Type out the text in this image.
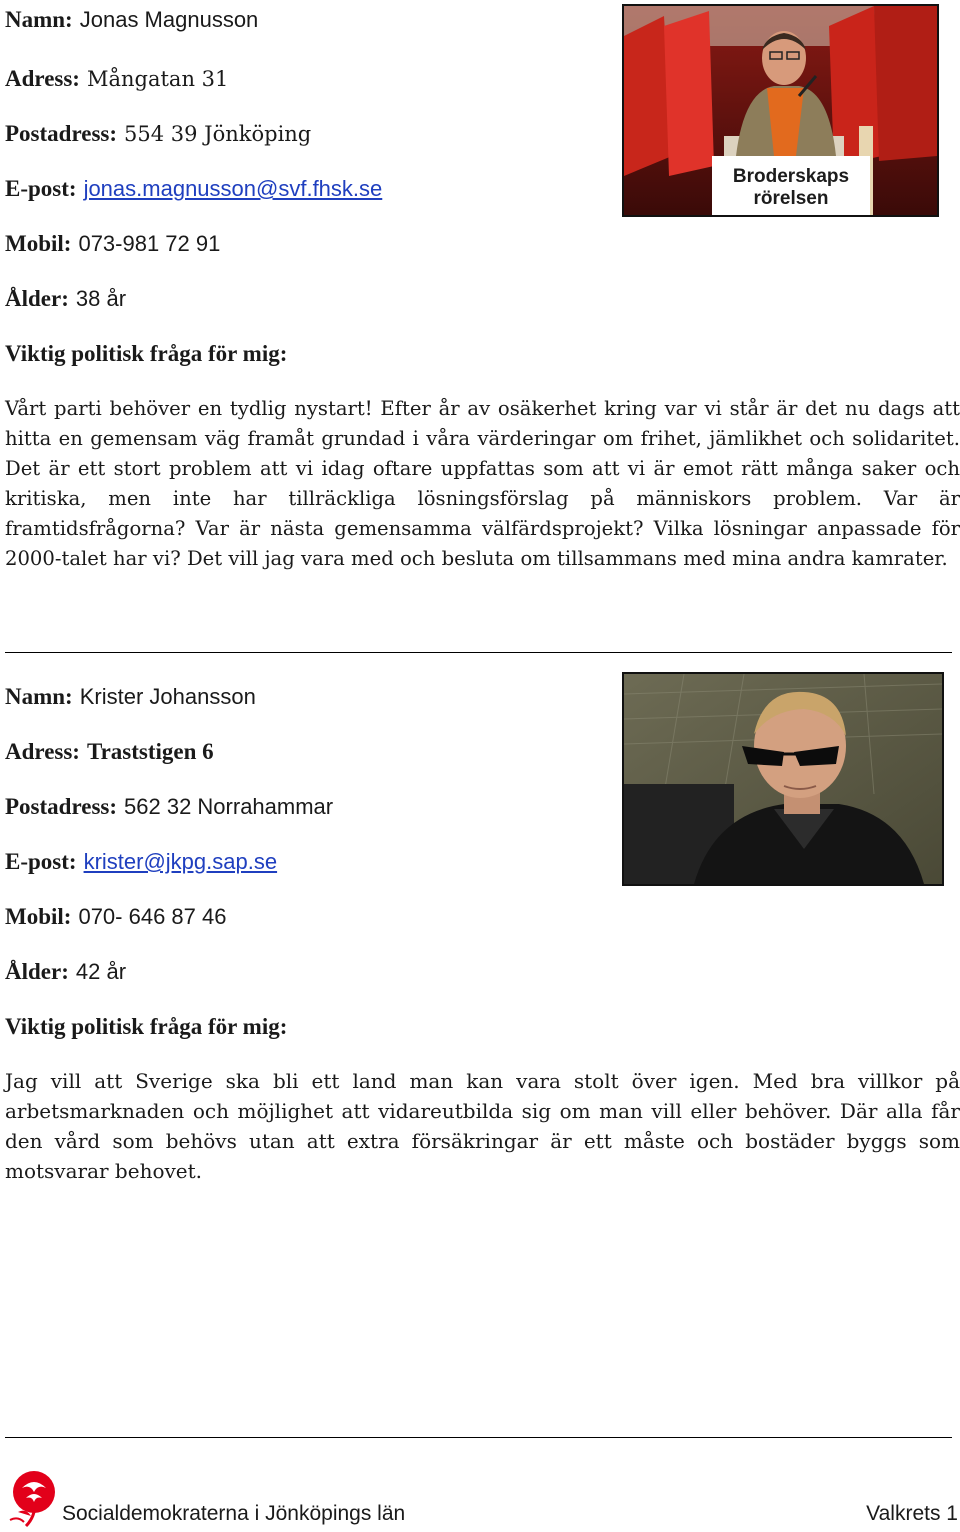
Namn: Jonas Magnusson
Adress: Mångatan 31
Postadress: 554 39 Jönköping
E-post: jonas.magnusson@svf.fhsk.se
Mobil: 073-981 72 91
Ålder: 38 år
Viktig politisk fråga för mig:
Vårt parti behöver en tydlig nystart! Efter år av osäkerhet kring var vi står är det nu dags att hitta en gemensam väg framåt grundad i våra värderingar om frihet, jämlikhet och solidaritet. Det är ett stort problem att vi idag oftare uppfattas som att vi är emot rätt många saker och kritiska, men inte har tillräckliga lösningsförslag på människors problem. Var är framtidsfrågorna? Var är nästa gemensamma välfärdsprojekt? Vilka lösningar anpassade för 2000-talet har vi? Det vill jag vara med och besluta om tillsammans med mina andra kamrater.
Broderskaps
rörelsen
Namn: Krister Johansson
Adress: Traststigen 6
Postadress: 562 32 Norrahammar
E-post: krister@jkpg.sap.se
Mobil: 070- 646 87 46
Ålder: 42 år
Viktig politisk fråga för mig:
Jag vill att Sverige ska bli ett land man kan vara stolt över igen. Med bra villkor på arbetsmarknaden och möjlighet att vidareutbilda sig om man vill eller behöver. Där alla får den vård som behövs utan att extra försäkringar är ett måste och bostäder byggs som motsvarar behovet.
Socialdemokraterna i Jönköpings län	Valkrets 1
